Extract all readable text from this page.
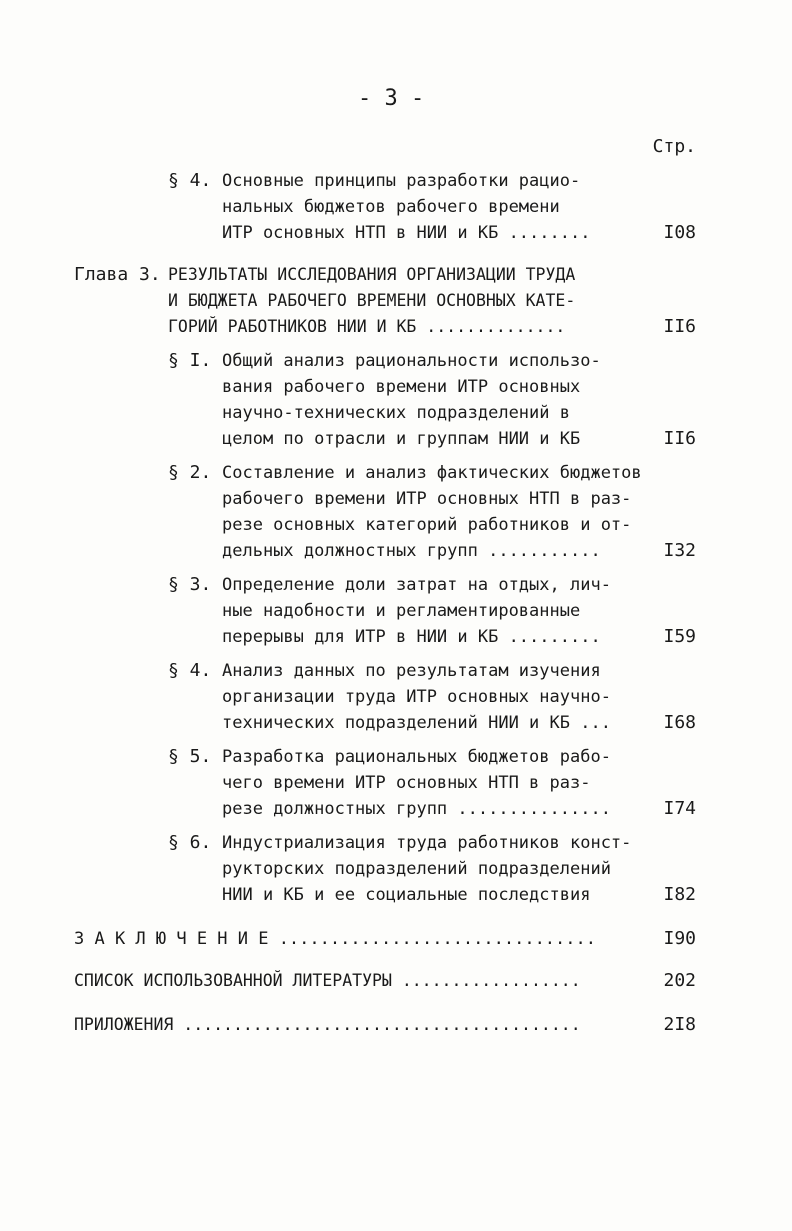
- 3 -
Стр.
§ 4. Основные принципы разработки рацио-
нальных бюджетов рабочего времени
ИТР основных НТП в НИИ и КБ ........	I08
Глава 3. РЕЗУЛЬТАТЫ ИССЛЕДОВАНИЯ ОРГАНИЗАЦИИ ТРУДА
И БЮДЖЕТА РАБОЧЕГО ВРЕМЕНИ ОСНОВНЫХ КАТЕ-
ГОРИЙ РАБОТНИКОВ НИИ И КБ ..............	II6
§ I. Общий анализ рациональности использо-
вания рабочего времени ИТР основных
научно-технических подразделений в
целом по отрасли и группам НИИ и КБ	II6
§ 2. Составление и анализ фактических бюджетов
рабочего времени ИТР основных НТП в раз-
резе основных категорий работников и от-
дельных должностных групп ...........	I32
§ 3. Определение доли затрат на отдых, лич-
ные надобности и регламентированные
перерывы для ИТР в НИИ и КБ .........	I59
§ 4. Анализ данных по результатам изучения
организации труда ИТР основных научно-
технических подразделений НИИ и КБ ...	I68
§ 5. Разработка рациональных бюджетов рабо-
чего времени ИТР основных НТП в раз-
резе должностных групп ...............	I74
§ 6. Индустриализация труда работников конст-
рукторских подразделений подразделений
НИИ и КБ и ее социальные последствия	I82
З А К Л Ю Ч Е Н И Е ...............................	I90
СПИСОК ИСПОЛЬЗОВАННОЙ ЛИТЕРАТУРЫ ..................	202
ПРИЛОЖЕНИЯ ........................................	2I8
